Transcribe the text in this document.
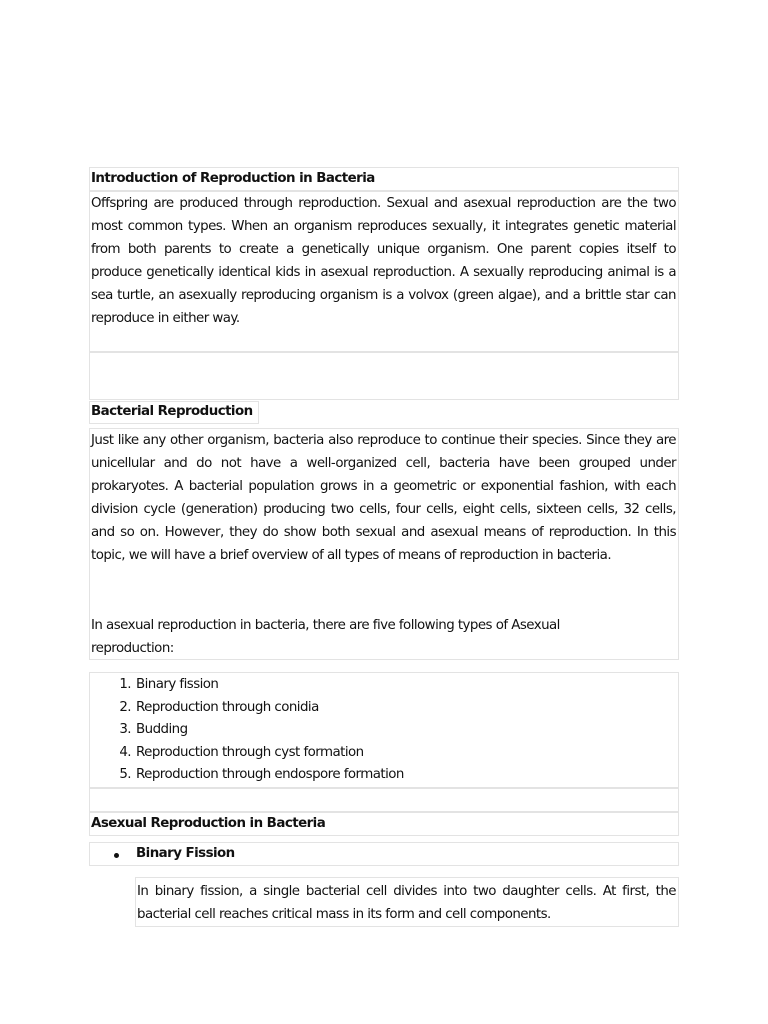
Introduction of Reproduction in Bacteria

Offspring are produced through reproduction. Sexual and asexual reproduction are the two most common types. When an organism reproduces sexually, it integrates genetic material from both parents to create a genetically unique organism. One parent copies itself to produce genetically identical kids in asexual reproduction. A sexually reproducing animal is a sea turtle, an asexually reproducing organism is a volvox (green algae), and a brittle star can reproduce in either way.

Bacterial Reproduction

Just like any other organism, bacteria also reproduce to continue their species. Since they are unicellular and do not have a well-organized cell, bacteria have been grouped under prokaryotes. A bacterial population grows in a geometric or exponential fashion, with each division cycle (generation) producing two cells, four cells, eight cells, sixteen cells, 32 cells, and so on. However, they do show both sexual and asexual means of reproduction. In this topic, we will have a brief overview of all types of means of reproduction in bacteria.

In asexual reproduction in bacteria, there are five following types of Asexual reproduction:

1. Binary fission
2. Reproduction through conidia
3. Budding
4. Reproduction through cyst formation
5. Reproduction through endospore formation
Asexual Reproduction in Bacteria
Binary Fission

In binary fission, a single bacterial cell divides into two daughter cells. At first, the bacterial cell reaches critical mass in its form and cell components.
